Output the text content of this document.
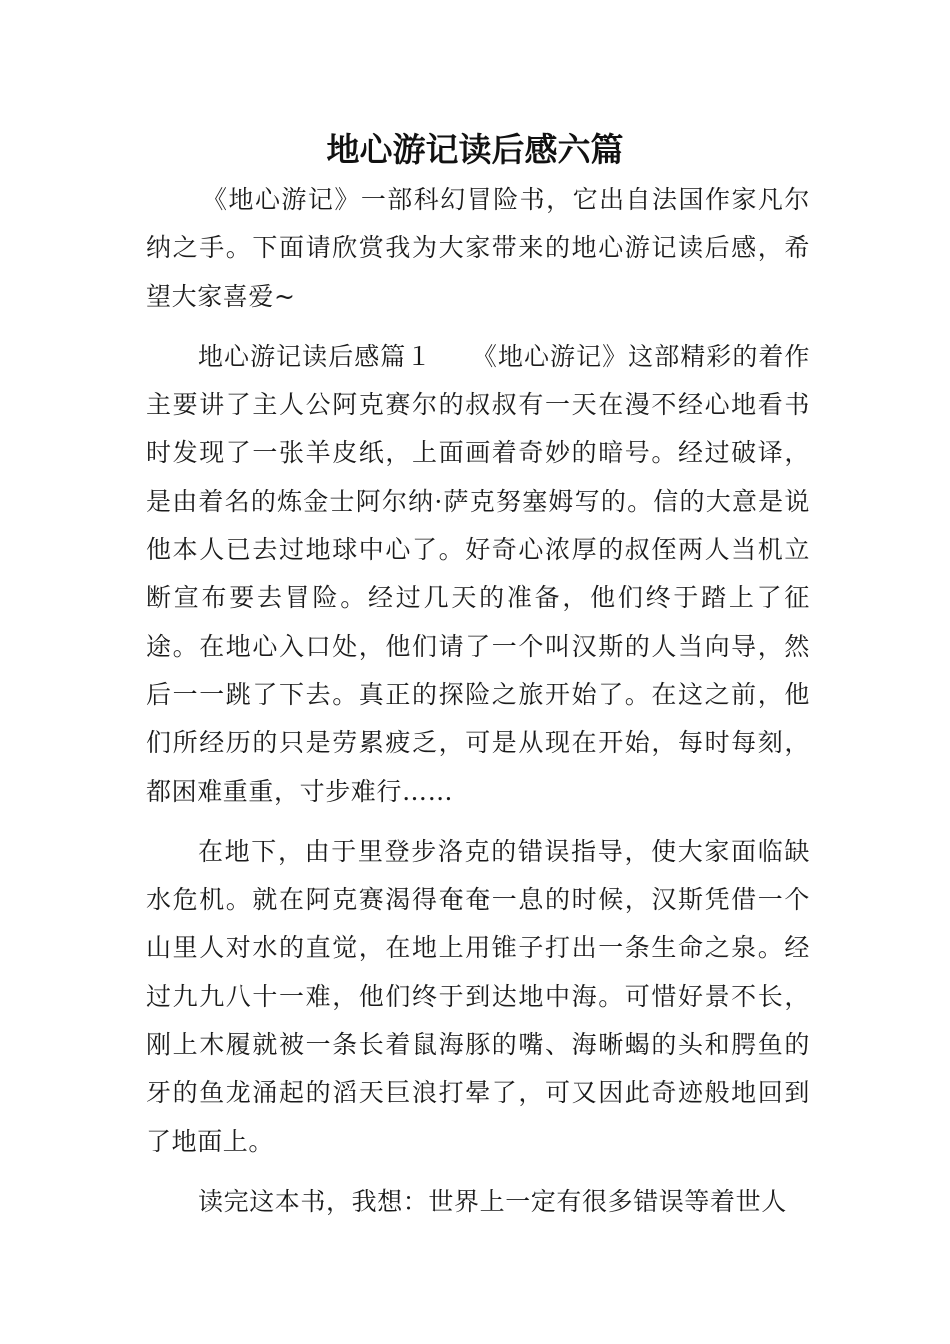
地心游记读后感六篇

《地心游记》一部科幻冒险书，它出自法国作家凡尔纳之手。下面请欣赏我为大家带来的地心游记读后感，希望大家喜爱~

地心游记读后感篇１　　《地心游记》这部精彩的着作主要讲了主人公阿克赛尔的叔叔有一天在漫不经心地看书时发现了一张羊皮纸，上面画着奇妙的暗号。经过破译，是由着名的炼金士阿尔纳·萨克努塞姆写的。信的大意是说他本人已去过地球中心了。好奇心浓厚的叔侄两人当机立断宣布要去冒险。经过几天的准备，他们终于踏上了征途。在地心入口处，他们请了一个叫汉斯的人当向导，然后一一跳了下去。真正的探险之旅开始了。在这之前，他们所经历的只是劳累疲乏，可是从现在开始，每时每刻，都困难重重，寸步难行……

在地下，由于里登步洛克的错误指导，使大家面临缺水危机。就在阿克赛渴得奄奄一息的时候，汉斯凭借一个山里人对水的直觉，在地上用锥子打出一条生命之泉。经过九九八十一难，他们终于到达地中海。可惜好景不长，刚上木履就被一条长着鼠海豚的嘴、海晰蝎的头和腭鱼的牙的鱼龙涌起的滔天巨浪打晕了，可又因此奇迹般地回到了地面上。

读完这本书，我想：世界上一定有很多错误等着世人
